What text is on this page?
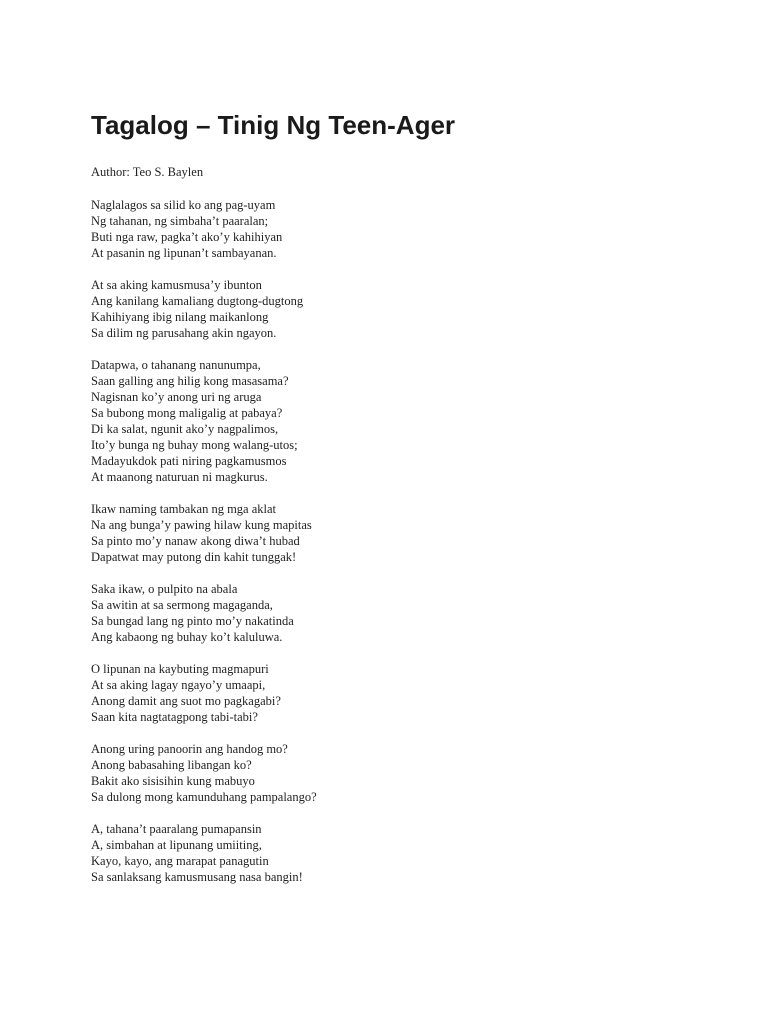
Tagalog – Tinig Ng Teen-Ager

Author: Teo S. Baylen

Naglalagos sa silid ko ang pag-uyam
Ng tahanan, ng simbaha’t paaralan;
Buti nga raw, pagka’t ako’y kahihiyan
At pasanin ng lipunan’t sambayanan.
At sa aking kamusmusa’y ibunton
Ang kanilang kamaliang dugtong-dugtong
Kahihiyang ibig nilang maikanlong
Sa dilim ng parusahang akin ngayon.
Datapwa, o tahanang nanunumpa,
Saan galling ang hilig kong masasama?
Nagisnan ko’y anong uri ng aruga
Sa bubong mong maligalig at pabaya?
Di ka salat, ngunit ako’y nagpalimos,
Ito’y bunga ng buhay mong walang-utos;
Madayukdok pati niring pagkamusmos
At maanong naturuan ni magkurus.
Ikaw naming tambakan ng mga aklat
Na ang bunga’y pawing hilaw kung mapitas
Sa pinto mo’y nanaw akong diwa’t hubad
Dapatwat may putong din kahit tunggak!
Saka ikaw, o pulpito na abala
Sa awitin at sa sermong magaganda,
Sa bungad lang ng pinto mo’y nakatinda
Ang kabaong ng buhay ko’t kaluluwa.
O lipunan na kaybuting magmapuri
At sa aking lagay ngayo’y umaapi,
Anong damit ang suot mo pagkagabi?
Saan kita nagtatagpong tabi-tabi?
Anong uring panoorin ang handog mo?
Anong babasahing libangan ko?
Bakit ako sisisihin kung mabuyo
Sa dulong mong kamunduhang pampalango?
A, tahana’t paaralang pumapansin
A, simbahan at lipunang umiiting,
Kayo, kayo, ang marapat panagutin
Sa sanlaksang kamusmusang nasa bangin!
